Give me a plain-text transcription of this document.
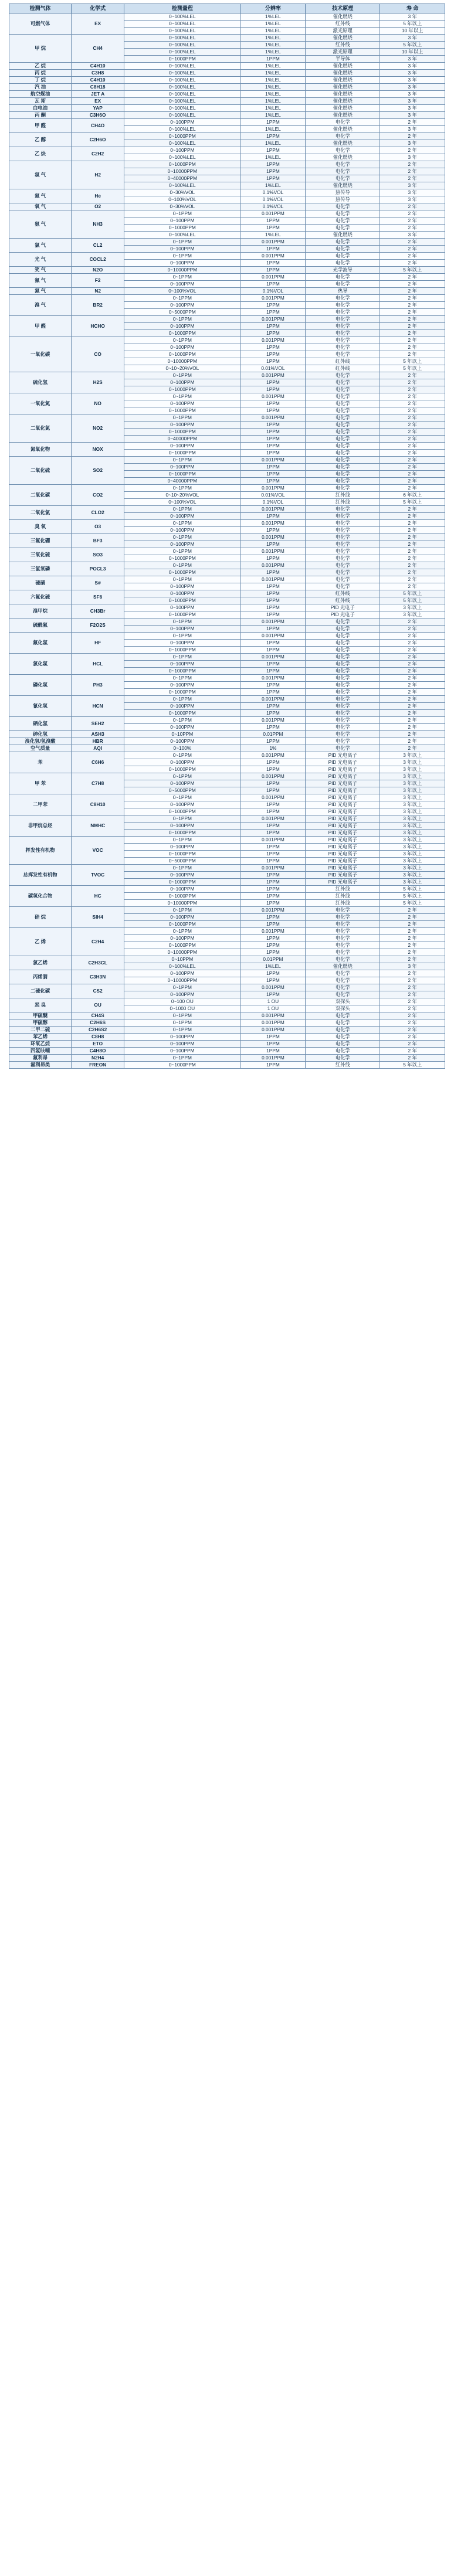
检测气体	化学式	检测量程	分辨率	技术原理	寿 命
可燃气体	EX	0~100%LEL	1%LEL	催化燃烧	3 年
		0~100%LEL	1%LEL	红外线	5 年以上
		0~100%LEL	1%LEL	激光原理	10 年以上
甲 烷	CH4	0~100%LEL	1%LEL	催化燃烧	3 年
		0~100%LEL	1%LEL	红外线	5 年以上
		0~100%LEL	1%LEL	激光原理	10 年以上
		0~1000PPM	1PPM	半导体	3 年
乙 烷	C4H10	0~100%LEL	1%LEL	催化燃烧	3 年
丙 烷	C3H8	0~100%LEL	1%LEL	催化燃烧	3 年
丁 烷	C4H10	0~100%LEL	1%LEL	催化燃烧	3 年
汽 油	C8H18	0~100%LEL	1%LEL	催化燃烧	3 年
航空煤油	JET A	0~100%LEL	1%LEL	催化燃烧	3 年
瓦 斯	EX	0~100%LEL	1%LEL	催化燃烧	3 年
白电油	YAP	0~100%LEL	1%LEL	催化燃烧	3 年
丙 酮	C3H6O	0~100%LEL	1%LEL	催化燃烧	3 年
甲 醛	CH4O	0~100PPM	1PPM	电化学	2 年
		0~100%LEL	1%LEL	催化燃烧	3 年
乙 醇	C2H6O	0~1000PPM	1PPM	电化学	2 年
		0~100%LEL	1%LEL	催化燃烧	3 年
乙 炔	C2H2	0~100PPM	1PPM	电化学	2 年
		0~100%LEL	1%LEL	催化燃烧	3 年
氢 气	H2	0~1000PPM	1PPM	电化学	2 年
		0~10000PPM	1PPM	电化学	2 年
		0~40000PPM	1PPM	电化学	2 年
		0~100%LEL	1%LEL	催化燃烧	3 年
氦 气	He	0~30%VOL	0.1%VOL	热传导	3 年
		0~100%VOL	0.1%VOL	热传导	3 年
氧 气	O2	0~30%VOL	0.1%VOL	电化学	2 年
氨 气	NH3	0~1PPM	0.001PPM	电化学	2 年
		0~100PPM	1PPM	电化学	2 年
		0~1000PPM	1PPM	电化学	2 年
		0~100%LEL	1%LEL	催化燃烧	3 年
氯 气	CL2	0~1PPM	0.001PPM	电化学	2 年
		0~100PPM	1PPM	电化学	2 年
光 气	COCL2	0~1PPM	0.001PPM	电化学	2 年
		0~100PPM	1PPM	电化学	2 年
笑 气	N2O	0~10000PPM	1PPM	光学波导	5 年以上
氟 气	F2	0~1PPM	0.001PPM	电化学	2 年
		0~100PPM	1PPM	电化学	2 年
氮 气	N2	0~100%VOL	0.1%VOL	热导	2 年
溴 气	BR2	0~1PPM	0.001PPM	电化学	2 年
		0~100PPM	1PPM	电化学	2 年
		0~5000PPM	1PPM	电化学	2 年
甲 醛	HCHO	0~1PPM	0.001PPM	电化学	2 年
		0~100PPM	1PPM	电化学	2 年
		0~1000PPM	1PPM	电化学	2 年
一氧化碳	CO	0~1PPM	0.001PPM	电化学	2 年
		0~100PPM	1PPM	电化学	2 年
		0~1000PPM	1PPM	电化学	2 年
		0~10000PPM	1PPM	红外线	5 年以上
		0~10~20%VOL	0.01%VOL	红外线	5 年以上
硫化氢	H2S	0~1PPM	0.001PPM	电化学	2 年
		0~100PPM	1PPM	电化学	2 年
		0~1000PPM	1PPM	电化学	2 年
一氧化氮	NO	0~1PPM	0.001PPM	电化学	2 年
		0~100PPM	1PPM	电化学	2 年
		0~1000PPM	1PPM	电化学	2 年
二氧化氮	NO2	0~1PPM	0.001PPM	电化学	2 年
		0~100PPM	1PPM	电化学	2 年
		0~1000PPM	1PPM	电化学	2 年
		0~40000PPM	1PPM	电化学	2 年
氮氧化物	NOX	0~100PPM	1PPM	电化学	2 年
		0~1000PPM	1PPM	电化学	2 年
二氧化硫	SO2	0~1PPM	0.001PPM	电化学	2 年
		0~100PPM	1PPM	电化学	2 年
		0~1000PPM	1PPM	电化学	2 年
		0~40000PPM	1PPM	电化学	2 年
二氧化碳	CO2	0~1PPM	0.001PPM	电化学	2 年
		0~10~20%VOL	0.01%VOL	红外线	6 年以上
		0~100%VOL	0.1%VOL	红外线	5 年以上
二氧化氯	CLO2	0~1PPM	0.001PPM	电化学	2 年
		0~100PPM	1PPM	电化学	2 年
臭 氧	O3	0~1PPM	0.001PPM	电化学	2 年
		0~100PPM	1PPM	电化学	2 年
三氟化硼	BF3	0~1PPM	0.001PPM	电化学	2 年
		0~100PPM	1PPM	电化学	2 年
三氧化硫	SO3	0~1PPM	0.001PPM	电化学	2 年
		0~1000PPM	1PPM	电化学	2 年
三氯氧磷	POCL3	0~1PPM	0.001PPM	电化学	2 年
		0~1000PPM	1PPM	电化学	2 年
硫磺	S#	0~1PPM	0.001PPM	电化学	2 年
		0~100PPM	1PPM	电化学	2 年
六氟化硫	SF6	0~100PPM	1PPM	红外线	5 年以上
		0~1000PPM	1PPM	红外线	5 年以上
溴甲烷	CH3Br	0~100PPM	1PPM	PID 光电子	3 年以上
		0~1000PPM	1PPM	PID 光电子	3 年以上
硫酰氟	F2O2S	0~1PPM	0.001PPM	电化学	2 年
		0~100PPM	1PPM	电化学	2 年
氟化氢	HF	0~1PPM	0.001PPM	电化学	2 年
		0~100PPM	1PPM	电化学	2 年
		0~1000PPM	1PPM	电化学	2 年
氯化氢	HCL	0~1PPM	0.001PPM	电化学	2 年
		0~100PPM	1PPM	电化学	2 年
		0~1000PPM	1PPM	电化学	2 年
磷化氢	PH3	0~1PPM	0.001PPM	电化学	2 年
		0~100PPM	1PPM	电化学	2 年
		0~1000PPM	1PPM	电化学	2 年
氰化氢	HCN	0~1PPM	0.001PPM	电化学	2 年
		0~100PPM	1PPM	电化学	2 年
		0~1000PPM	1PPM	电化学	2 年
硒化氢	SEH2	0~1PPM	0.001PPM	电化学	2 年
		0~100PPM	1PPM	电化学	2 年
砷化氢	ASH3	0~10PPM	0.01PPM	电化学	2 年
溴化氢/氢溴酸	HBR	0~100PPM	1PPM	电化学	2 年
空气质量	AQI	0~100%	1%	电化学	2 年
苯	C6H6	0~1PPM	0.001PPM	PID 光电离子	3 年以上
		0~100PPM	1PPM	PID 光电离子	3 年以上
		0~1000PPM	1PPM	PID 光电离子	3 年以上
甲 苯	C7H8	0~1PPM	0.001PPM	PID 光电离子	3 年以上
		0~100PPM	1PPM	PID 光电离子	3 年以上
		0~5000PPM	1PPM	PID 光电离子	3 年以上
二甲苯	C8H10	0~1PPM	0.001PPM	PID 光电离子	3 年以上
		0~100PPM	1PPM	PID 光电离子	3 年以上
		0~1000PPM	1PPM	PID 光电离子	3 年以上
非甲烷总烃	NMHC	0~1PPM	0.001PPM	PID 光电离子	3 年以上
		0~100PPM	1PPM	PID 光电离子	3 年以上
		0~1000PPM	1PPM	PID 光电离子	3 年以上
挥发性有机物	VOC	0~1PPM	0.001PPM	PID 光电离子	3 年以上
		0~100PPM	1PPM	PID 光电离子	3 年以上
		0~1000PPM	1PPM	PID 光电离子	3 年以上
		0~5000PPM	1PPM	PID 光电离子	3 年以上
总挥发性有机物	TVOC	0~1PPM	0.001PPM	PID 光电离子	3 年以上
		0~100PPM	1PPM	PID 光电离子	3 年以上
		0~1000PPM	1PPM	PID 光电离子	3 年以上
碳氢化合物	HC	0~100PPM	1PPM	红外线	5 年以上
		0~1000PPM	1PPM	红外线	5 年以上
		0~10000PPM	1PPM	红外线	5 年以上
硅 烷	SIH4	0~1PPM	0.001PPM	电化学	2 年
		0~100PPM	1PPM	电化学	2 年
		0~1000PPM	1PPM	电化学	2 年
乙 烯	C2H4	0~1PPM	0.001PPM	电化学	2 年
		0~100PPM	1PPM	电化学	2 年
		0~1000PPM	1PPM	电化学	2 年
		0~10000PPM	1PPM	电化学	2 年
氯乙烯	C2H3CL	0~10PPM	0.01PPM	电化学	2 年
		0~100%LEL	1%LEL	催化燃烧	3 年
丙烯腈	C3H3N	0~100PPM	1PPM	电化学	2 年
		0~10000PPM	1PPM	电化学	2 年
二硫化碳	CS2	0~1PPM	0.001PPM	电化学	2 年
		0~100PPM	1PPM	电化学	2 年
恶 臭	OU	0~100 OU	1 OU	双探头	2 年
		0~1000 OU	1 OU	双探头	2 年
甲硫醚	CH4S	0~1PPM	0.001PPM	电化学	2 年
甲硫醇	C2H6S	0~1PPM	0.001PPM	电化学	2 年
二甲二硫	C2H6S2	0~1PPM	0.001PPM	电化学	2 年
苯乙烯	C8H8	0~100PPM	1PPM	电化学	2 年
环氧乙烷	ETO	0~100PPM	1PPM	电化学	2 年
四氢呋喃	C4H8O	0~100PPM	1PPM	电化学	2 年
氟利昂	N2H4	0~1PPM	0.001PPM	电化学	2 年
氟利昂类	FREON	0~1000PPM	1PPM	红外线	5 年以上
